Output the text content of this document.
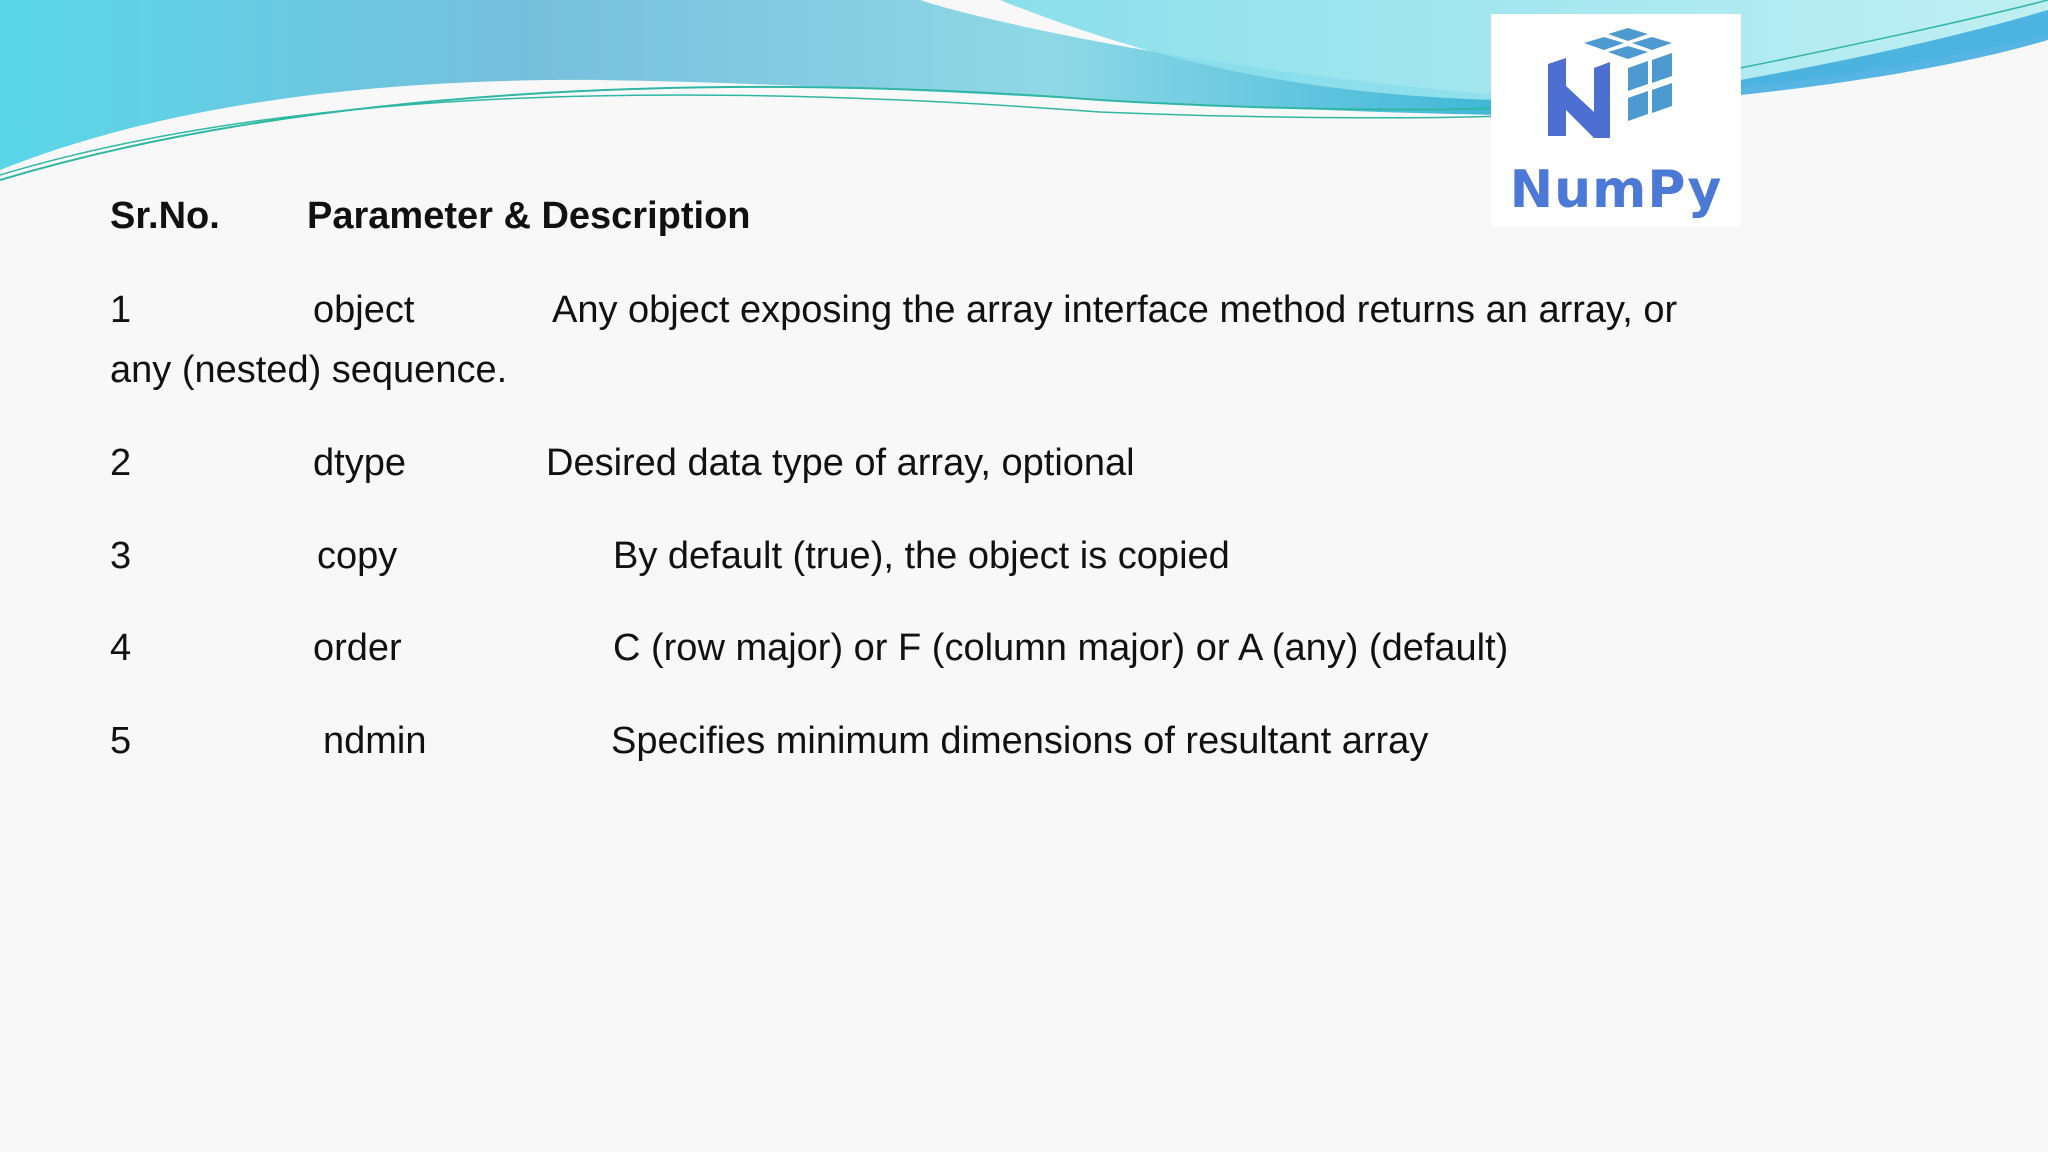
NumPy
Sr.No. Parameter & Description
1	object	Any object exposing the array interface method returns an array, or
any (nested) sequence.
2	dtype	Desired data type of array, optional
3	copy	By default (true), the object is copied
4	order	C (row major) or F (column major) or A (any) (default)
5	ndmin	Specifies minimum dimensions of resultant array
